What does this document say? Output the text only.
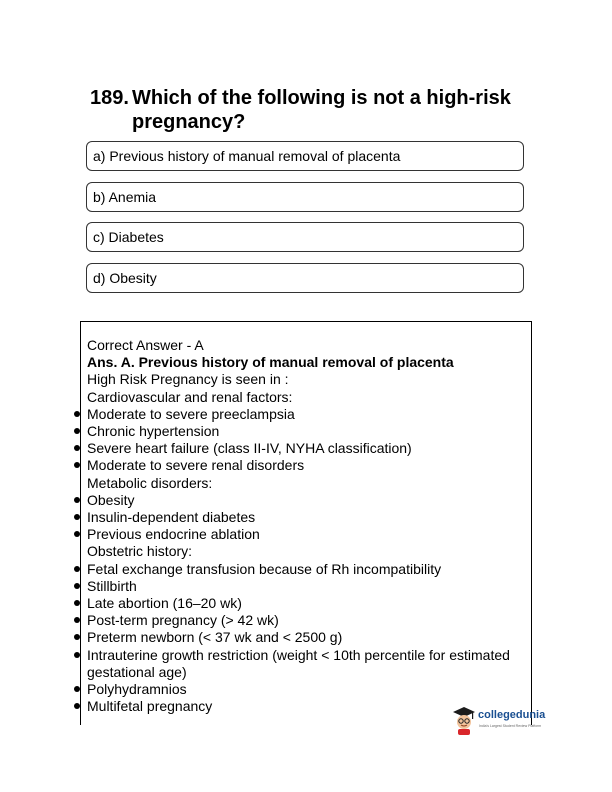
189. Which of the following is not a high-risk
pregnancy?
a) Previous history of manual removal of placenta
b) Anemia
c) Diabetes
d) Obesity
Correct Answer - A
Ans. A. Previous history of manual removal of placenta
High Risk Pregnancy is seen in :
Cardiovascular and renal factors:
Moderate to severe preeclampsia
Chronic hypertension
Severe heart failure (class II-IV, NYHA classification)
Moderate to severe renal disorders
Metabolic disorders:
Obesity
Insulin-dependent diabetes
Previous endocrine ablation
Obstetric history:
Fetal exchange transfusion because of Rh incompatibility
Stillbirth
Late abortion (16–20 wk)
Post-term pregnancy (> 42 wk)
Preterm newborn (< 37 wk and < 2500 g)
Intrauterine growth restriction (weight < 10th percentile for estimated gestational age)
Polyhydramnios
Multifetal pregnancy
collegedunia
India's Largest Student Review Platform
